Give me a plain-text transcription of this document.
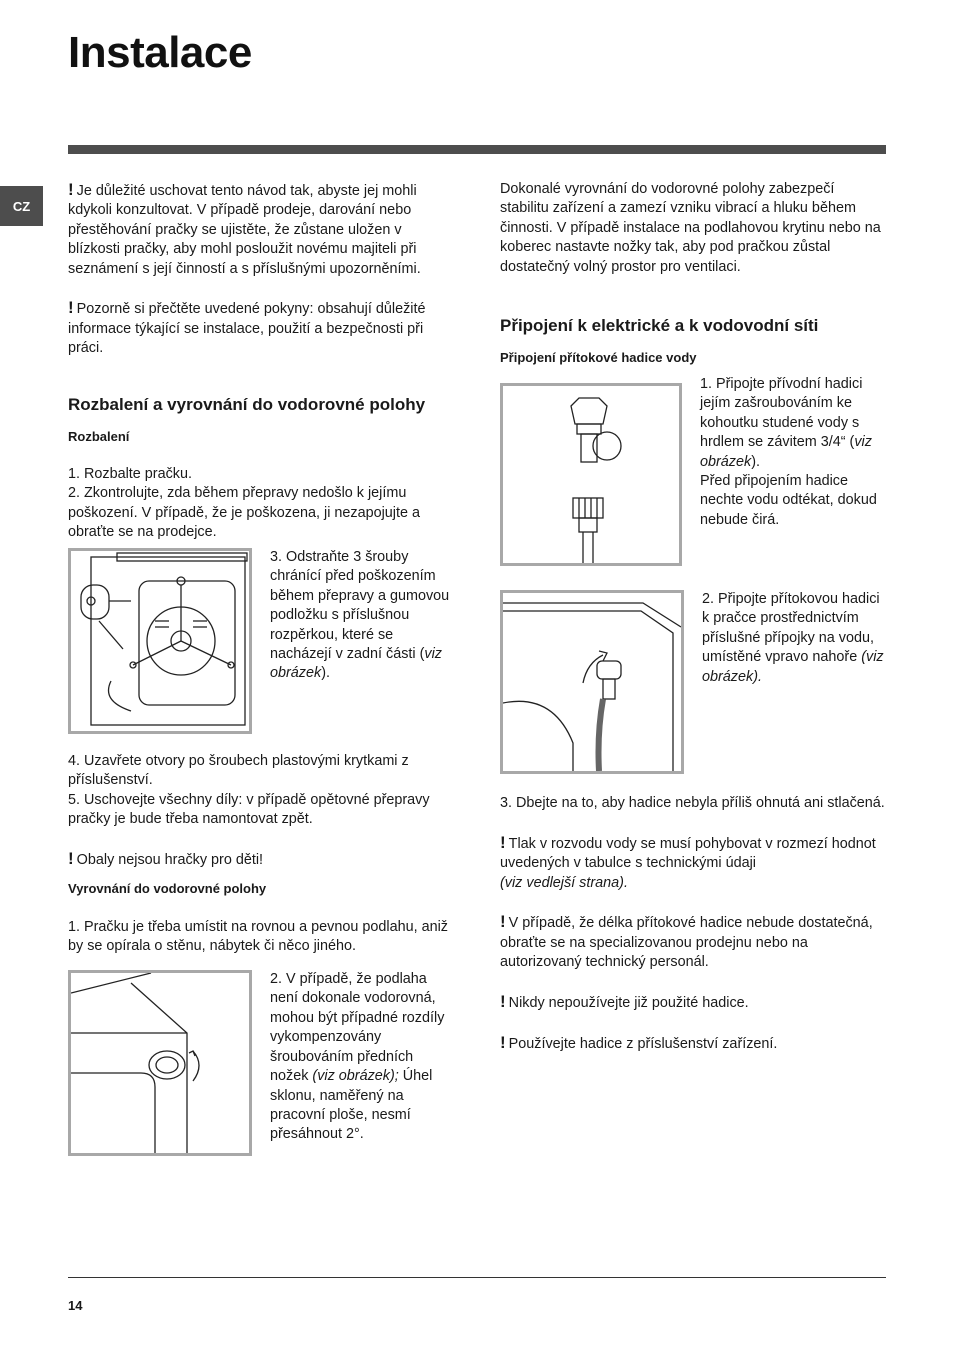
Instalace
CZ

! Je důležité uschovat tento návod tak, abyste jej mohli kdykoli konzultovat. V případě prodeje, darování nebo přestěhování pračky se ujistěte, že zůstane uložen v blízkosti pračky, aby mohl posloužit novému majiteli při seznámení s její činností a s příslušnými upozorněními.

! Pozorně si přečtěte uvedené pokyny: obsahují důležité informace týkající se instalace, použití a bezpečnosti při práci.

Rozbalení a vyrovnání do vodorovné polohy
Rozbalení

1. Rozbalte pračku.

2. Zkontrolujte, zda během přepravy nedošlo k jejímu poškození. V případě, že je poškozena, ji nezapojujte a obraťte se na prodejce.

3. Odstraňte 3 šrouby chránící před poškozením během přepravy a gumovou podložku s příslušnou rozpěrkou, které se nacházejí v zadní části (viz obrázek).

4. Uzavřete otvory po šroubech plastovými krytkami z příslušenství.

5. Uschovejte všechny díly: v případě opětovné přepravy pračky je bude třeba namontovat zpět.

! Obaly nejsou hračky pro děti!

Vyrovnání do vodorovné polohy

1. Pračku je třeba umístit na rovnou a pevnou podlahu, aniž by se opírala o stěnu, nábytek či něco jiného.

2. V případě, že podlaha není dokonale vodorovná, mohou být případné rozdíly vykompenzovány šroubováním předních nožek (viz obrázek); Úhel sklonu, naměřený na pracovní ploše, nesmí přesáhnout 2°.

Dokonalé vyrovnání do vodorovné polohy zabezpečí stabilitu zařízení a zamezí vzniku vibrací a hluku během činnosti. V případě instalace na podlahovou krytinu nebo na koberec nastavte nožky tak, aby pod pračkou zůstal dostatečný volný prostor pro ventilaci.

Připojení k elektrické a k vodovodní síti
Připojení přítokové hadice vody
1. Připojte přívodní hadici jejím zašroubováním ke kohoutku studené vody s hrdlem se závitem 3/4“ (viz obrázek).
Před připojením hadice nechte vodu odtékat, dokud nebude čirá.
2. Připojte přítokovou hadici k pračce prostřednictvím příslušné přípojky na vodu, umístěné vpravo nahoře (viz obrázek).

3. Dbejte na to, aby hadice nebyla příliš ohnutá ani stlačená.

! Tlak v rozvodu vody se musí pohybovat v rozmezí hodnot uvedených v tabulce s technickými údaji
(viz vedlejší strana).

! V případě, že délka přítokové hadice nebude dostatečná, obraťte se na specializovanou prodejnu nebo na autorizovaný technický personál.

! Nikdy nepoužívejte již použité hadice.

! Používejte hadice z příslušenství zařízení.

14
